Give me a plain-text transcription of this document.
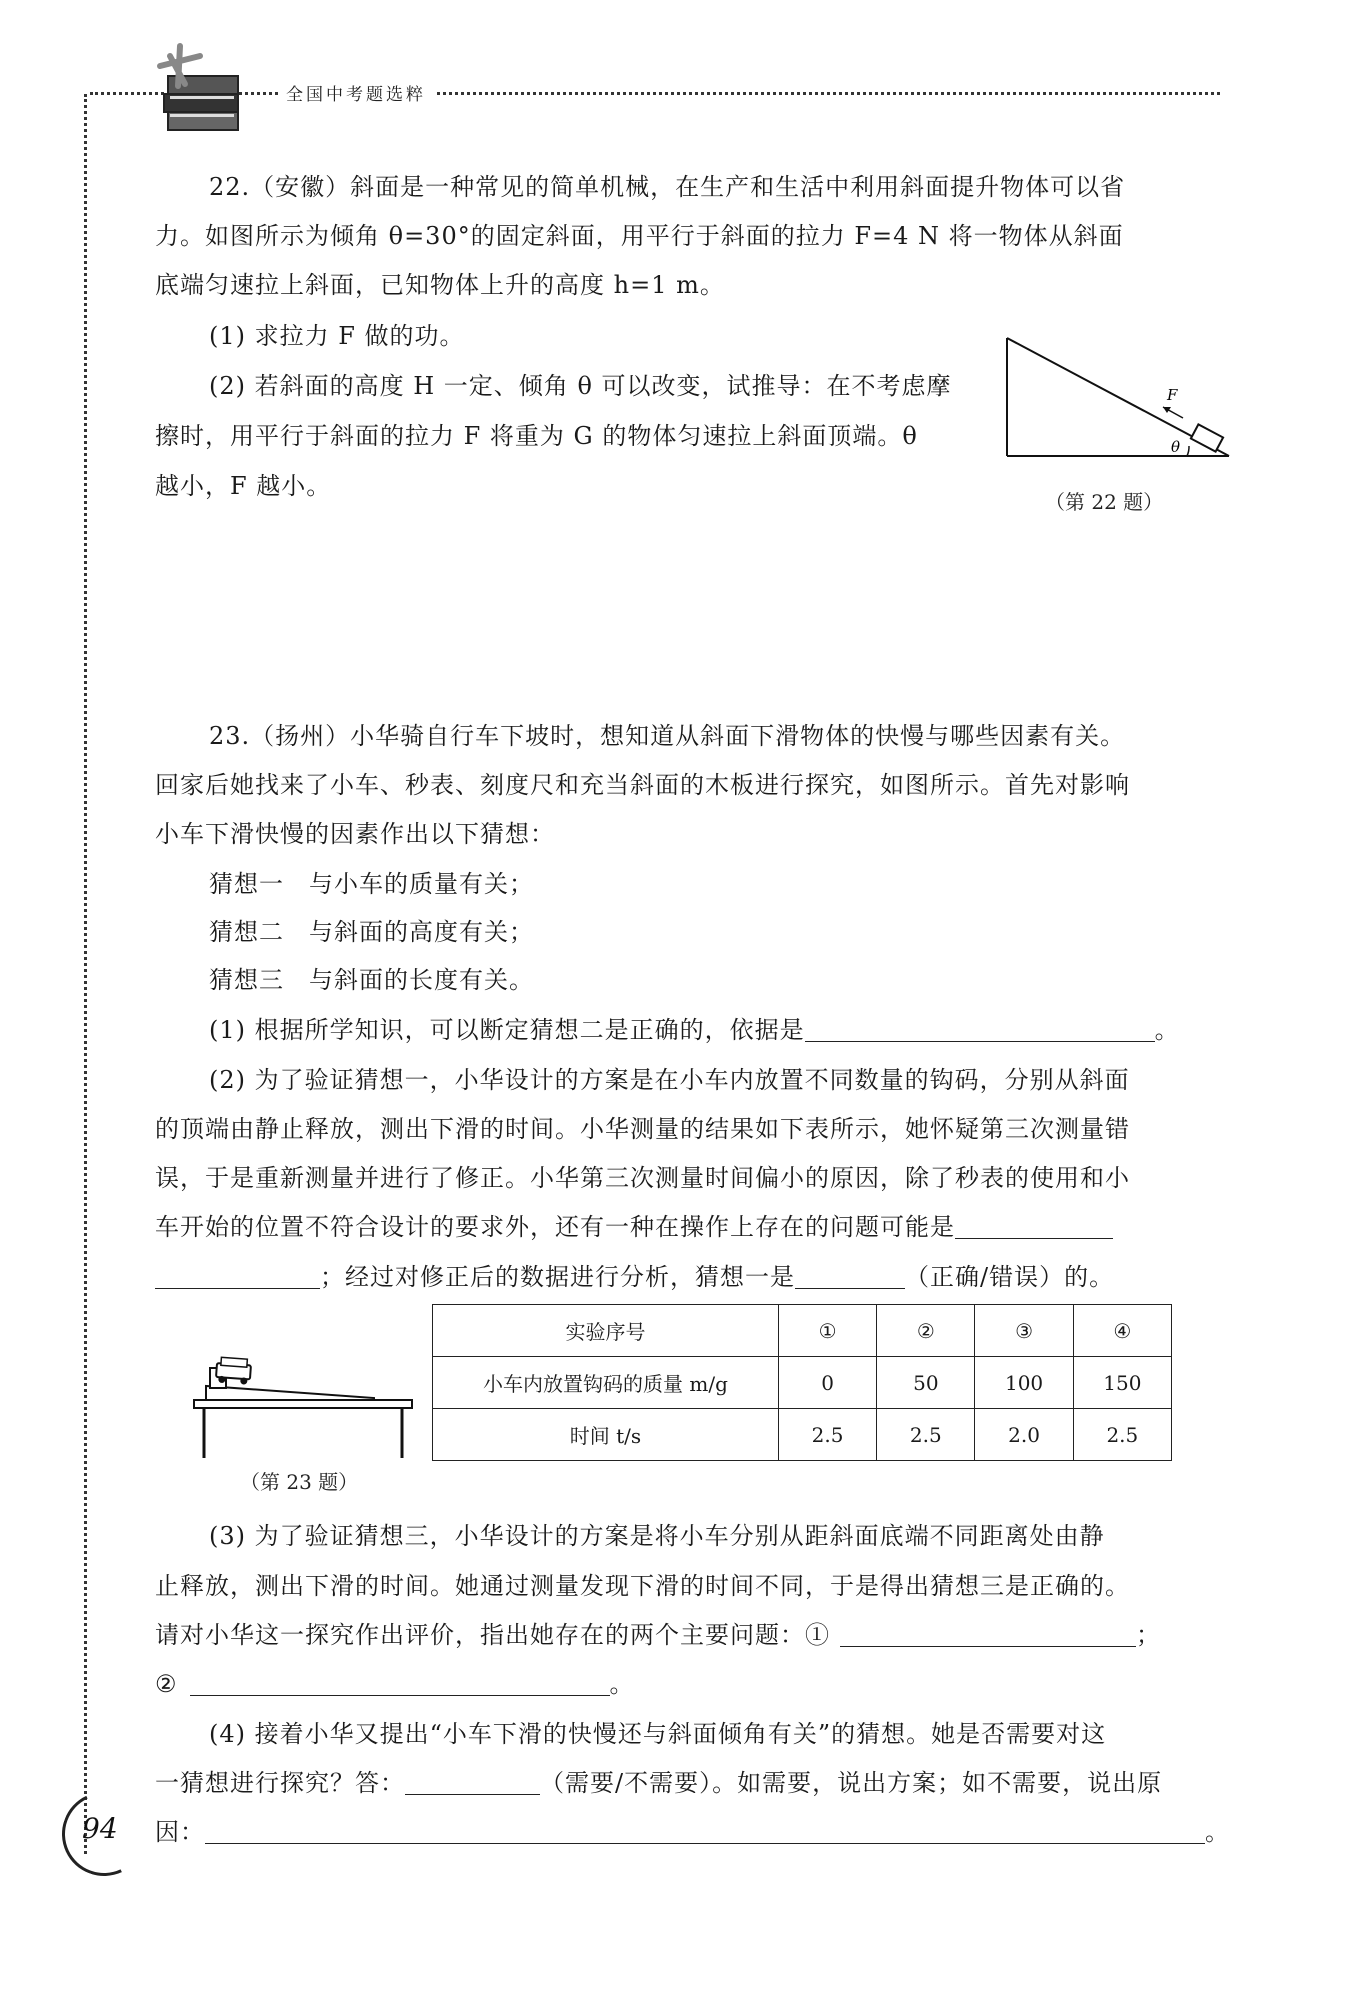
全国中考题选粹

22.（安徽）斜面是一种常见的简单机械，在生产和生活中利用斜面提升物体可以省

力。如图所示为倾角 θ=30°的固定斜面，用平行于斜面的拉力 F=4 N 将一物体从斜面

底端匀速拉上斜面，已知物体上升的高度 h=1 m。

(1) 求拉力 F 做的功。

(2) 若斜面的高度 H 一定、倾角 θ 可以改变，试推导：在不考虑摩

擦时，用平行于斜面的拉力 F 将重为 G 的物体匀速拉上斜面顶端。θ

越小，F 越小。

F
θ
（第 22 题）

23.（扬州）小华骑自行车下坡时，想知道从斜面下滑物体的快慢与哪些因素有关。

回家后她找来了小车、秒表、刻度尺和充当斜面的木板进行探究，如图所示。首先对影响

小车下滑快慢的因素作出以下猜想：

猜想一　与小车的质量有关；

猜想二　与斜面的高度有关；

猜想三　与斜面的长度有关。

(1) 根据所学知识，可以断定猜想二是正确的，依据是	。

(2) 为了验证猜想一，小华设计的方案是在小车内放置不同数量的钩码，分别从斜面

的顶端由静止释放，测出下滑的时间。小华测量的结果如下表所示，她怀疑第三次测量错

误，于是重新测量并进行了修正。小华第三次测量时间偏小的原因，除了秒表的使用和小

车开始的位置不符合设计的要求外，还有一种在操作上存在的问题可能是

；经过对修正后的数据进行分析，猜想一是	（正确/错误）的。

（第 23 题）
实验序号	①	②	③	④
小车内放置钩码的质量 m/g	0	50	100	150
时间 t/s	2.5	2.5	2.0	2.5

(3) 为了验证猜想三，小华设计的方案是将小车分别从距斜面底端不同距离处由静

止释放，测出下滑的时间。她通过测量发现下滑的时间不同，于是得出猜想三是正确的。

请对小华这一探究作出评价，指出她存在的两个主要问题：①	；

②	。

(4) 接着小华又提出“小车下滑的快慢还与斜面倾角有关”的猜想。她是否需要对这

一猜想进行探究？答：	（需要/不需要）。如需要，说出方案；如不需要，说出原

因：	。

94
